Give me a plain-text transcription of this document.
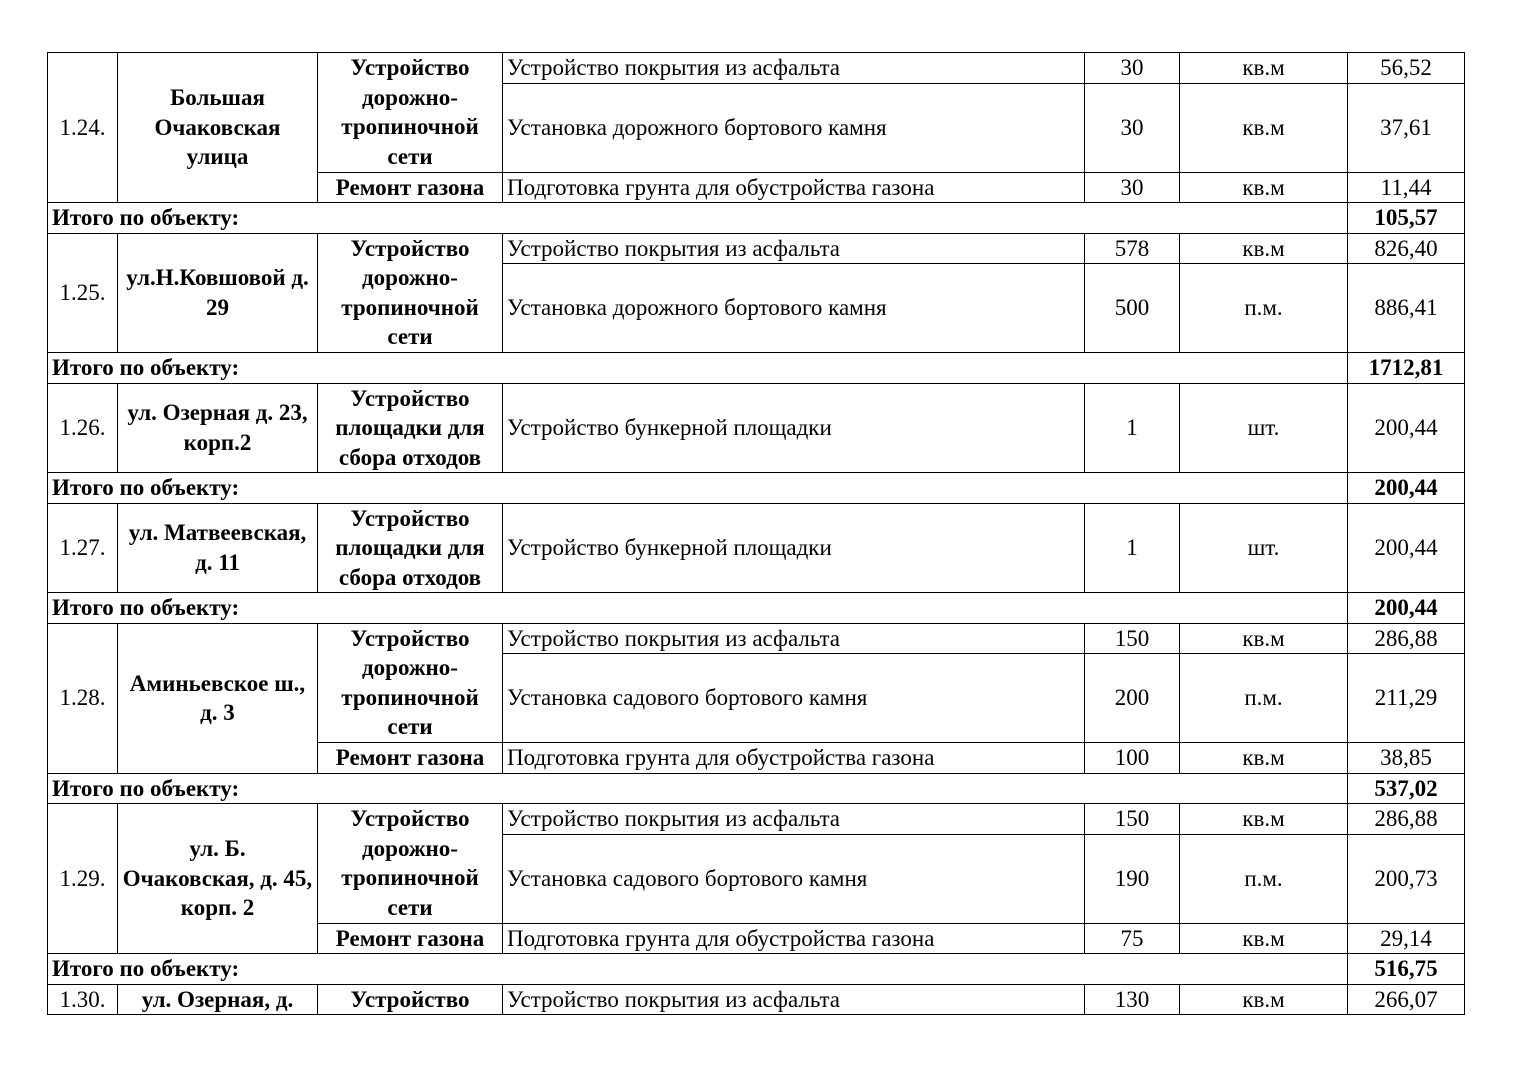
1.24.	Большая Очаковская улица	Устройство дорожно-тропиночной сети	Устройство покрытия из асфальта	30	кв.м	56,52
			Установка дорожного бортового камня	30	кв.м	37,61
		Ремонт газона	Подготовка грунта для обустройства газона	30	кв.м	11,44
Итого по объекту:						105,57
1.25.	ул.Н.Ковшовой д. 29	Устройство дорожно-тропиночной сети	Устройство покрытия из асфальта	578	кв.м	826,40
			Установка дорожного бортового камня	500	п.м.	886,41
Итого по объекту:						1712,81
1.26.	ул. Озерная д. 23, корп.2	Устройство площадки для сбора отходов	Устройство бункерной площадки	1	шт.	200,44
Итого по объекту:						200,44
1.27.	ул. Матвеевская, д. 11	Устройство площадки для сбора отходов	Устройство бункерной площадки	1	шт.	200,44
Итого по объекту:						200,44
1.28.	Аминьевское ш., д. 3	Устройство дорожно-тропиночной сети	Устройство покрытия из асфальта	150	кв.м	286,88
			Установка садового бортового камня	200	п.м.	211,29
		Ремонт газона	Подготовка грунта для обустройства газона	100	кв.м	38,85
Итого по объекту:						537,02
1.29.	ул. Б. Очаковская, д. 45, корп. 2	Устройство дорожно-тропиночной сети	Устройство покрытия из асфальта	150	кв.м	286,88
			Установка садового бортового камня	190	п.м.	200,73
		Ремонт газона	Подготовка грунта для обустройства газона	75	кв.м	29,14
Итого по объекту:						516,75
1.30.	ул. Озерная, д.	Устройство	Устройство покрытия из асфальта	130	кв.м	266,07
